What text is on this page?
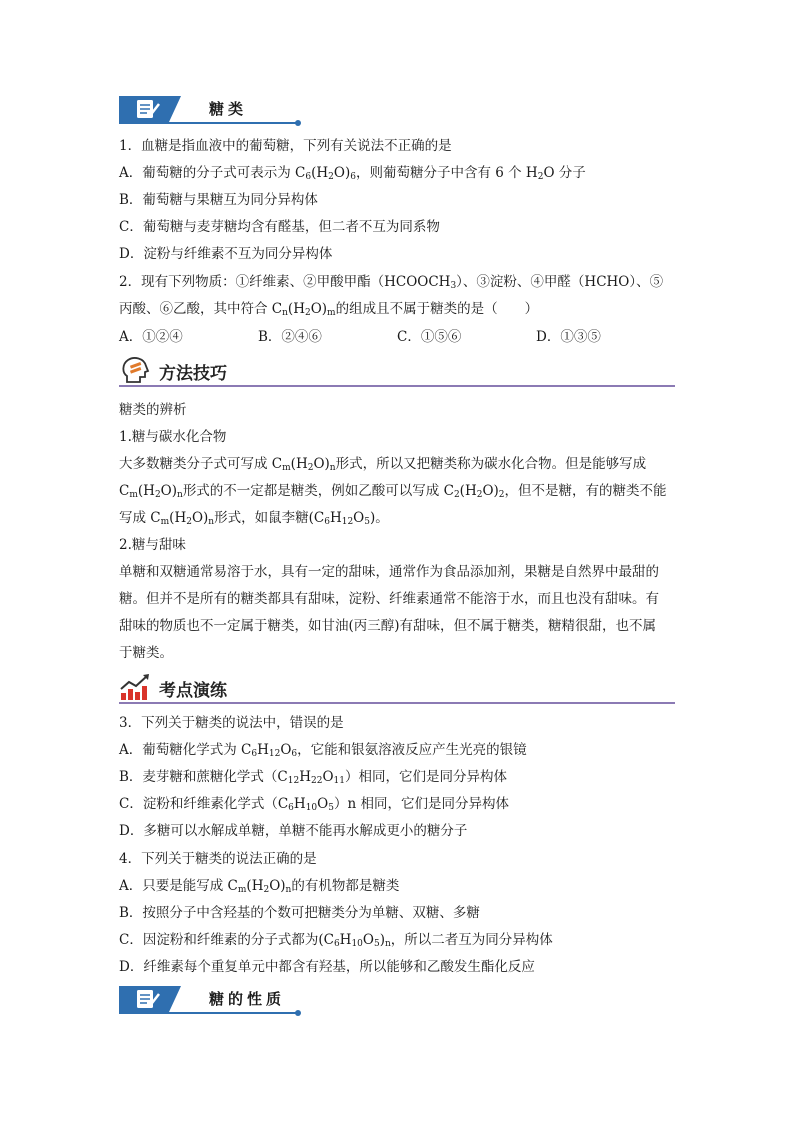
糖类
1．血糖是指血液中的葡萄糖，下列有关说法不正确的是
A．葡萄糖的分子式可表示为 $C_6(H_2O)_6$，则葡萄糖分子中含有 6 个 $H_2O$ 分子
B．葡萄糖与果糖互为同分异构体
C．葡萄糖与麦芽糖均含有醛基，但二者不互为同系物
D．淀粉与纤维素不互为同分异构体
2．现有下列物质：①纤维素、②甲酸甲酯$(HCOOCH_3)$、③淀粉、④甲醛（HCHO）、⑤
丙酸、⑥乙酸，其中符合 $C_n(H_2O)_m$的组成且不属于糖类的是（　　）
A．①②④	B．②④⑥	C．①⑤⑥	D．①③⑤
方法技巧
糖类的辨析
1.糖与碳水化合物
大多数糖类分子式可写成 $C_m(H_2O)_n$形式，所以又把糖类称为碳水化合物。但是能够写成
$C_m(H_2O)_n$形式的不一定都是糖类，例如乙酸可以写成 $C_2(H_2O)_2$，但不是糖，有的糖类不能
写成 $C_m(H_2O)_n$形式，如鼠李糖$(C_6H_{12}O_5)$。
2.糖与甜味
单糖和双糖通常易溶于水，具有一定的甜味，通常作为食品添加剂，果糖是自然界中最甜的
糖。但并不是所有的糖类都具有甜味，淀粉、纤维素通常不能溶于水，而且也没有甜味。有
甜味的物质也不一定属于糖类，如甘油(丙三醇)有甜味，但不属于糖类，糖精很甜，也不属
于糖类。
考点演练
3．下列关于糖类的说法中，错误的是
A．葡萄糖化学式为 $C_6H_{12}O_6$，它能和银氨溶液反应产生光亮的银镜
B．麦芽糖和蔗糖化学式$(C_{12}H_{22}O_{11})$相同，它们是同分异构体
C．淀粉和纤维素化学式$(C_6H_{10}O_5)n$ 相同，它们是同分异构体
D．多糖可以水解成单糖，单糖不能再水解成更小的糖分子
4．下列关于糖类的说法正确的是
A．只要是能写成 $C_m(H_2O)_n$的有机物都是糖类
B．按照分子中含羟基的个数可把糖类分为单糖、双糖、多糖
C．因淀粉和纤维素的分子式都为$(C_6H_{10}O_5)_n$，所以二者互为同分异构体
D．纤维素每个重复单元中都含有羟基，所以能够和乙酸发生酯化反应
糖的性质
